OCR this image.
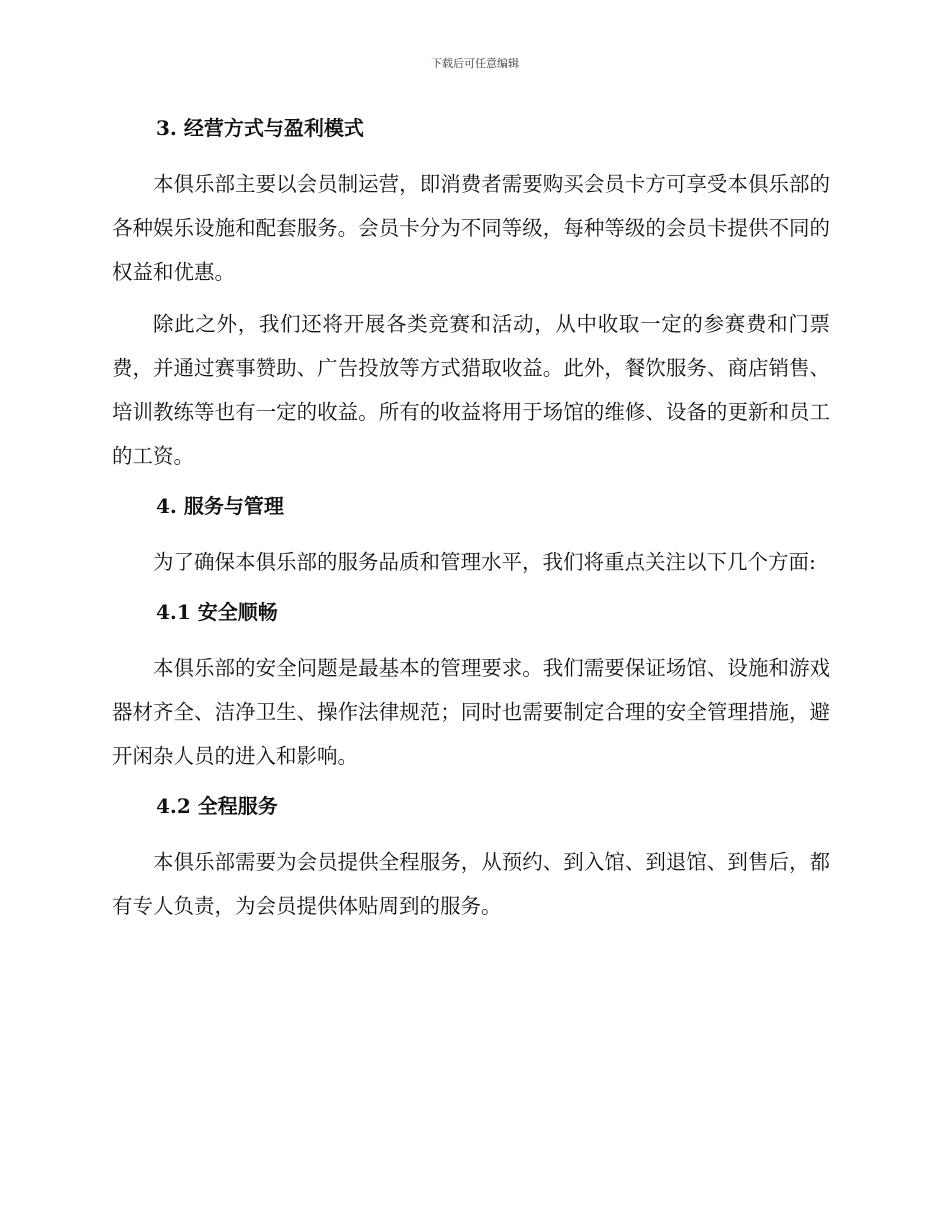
下载后可任意编辑
3. 经营方式与盈利模式

本俱乐部主要以会员制运营，即消费者需要购买会员卡方可享受本俱乐部的各种娱乐设施和配套服务。会员卡分为不同等级，每种等级的会员卡提供不同的权益和优惠。

除此之外，我们还将开展各类竞赛和活动，从中收取一定的参赛费和门票费，并通过赛事赞助、广告投放等方式猎取收益。此外，餐饮服务、商店销售、培训教练等也有一定的收益。所有的收益将用于场馆的维修、设备的更新和员工的工资。

4. 服务与管理

为了确保本俱乐部的服务品质和管理水平，我们将重点关注以下几个方面:

4.1 安全顺畅

本俱乐部的安全问题是最基本的管理要求。我们需要保证场馆、设施和游戏器材齐全、洁净卫生、操作法律规范；同时也需要制定合理的安全管理措施，避开闲杂人员的进入和影响。

4.2 全程服务

本俱乐部需要为会员提供全程服务，从预约、到入馆、到退馆、到售后，都有专人负责，为会员提供体贴周到的服务。
